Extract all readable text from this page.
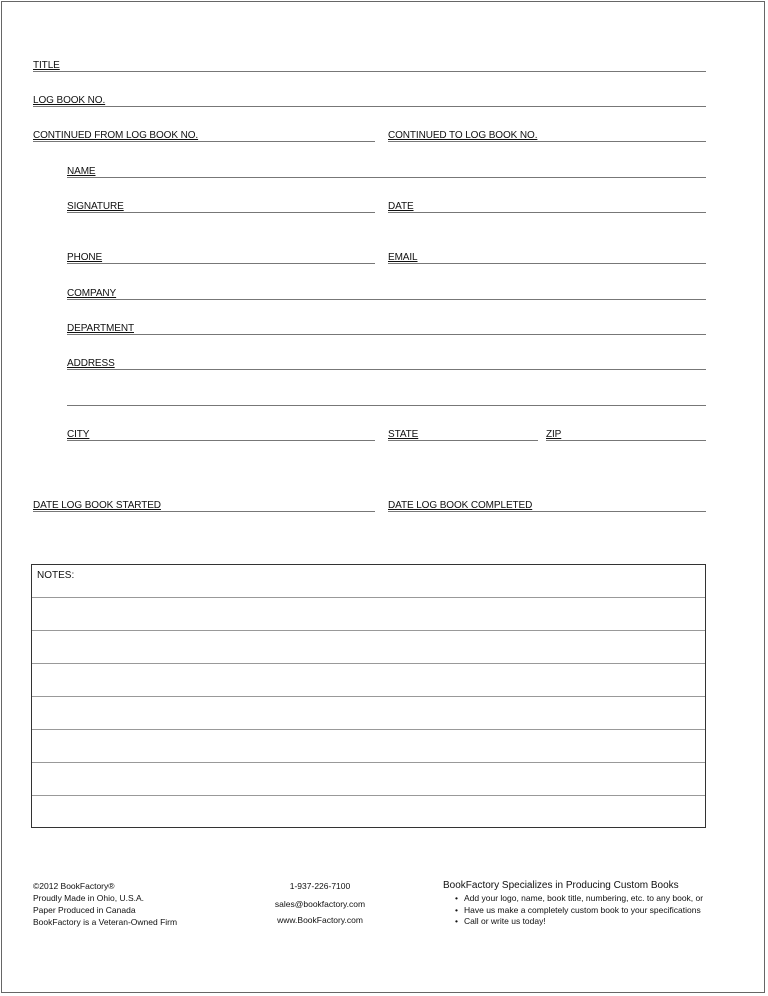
TITLE
LOG BOOK NO.
CONTINUED FROM LOG BOOK NO.	CONTINUED TO LOG BOOK NO.
NAME
SIGNATURE	DATE
PHONE	EMAIL
COMPANY
DEPARTMENT
ADDRESS
CITY	STATE	ZIP
DATE LOG BOOK STARTED	DATE LOG BOOK COMPLETED
NOTES:
©2012 BookFactory®
Proudly Made in Ohio, U.S.A.
Paper Produced in Canada
BookFactory is a Veteran-Owned Firm
1-937-226-7100
sales@bookfactory.com
www.BookFactory.com
BookFactory Specializes in Producing Custom Books
• Add your logo, name, book title, numbering, etc. to any book, or
• Have us make a completely custom book to your specifications
• Call or write us today!
